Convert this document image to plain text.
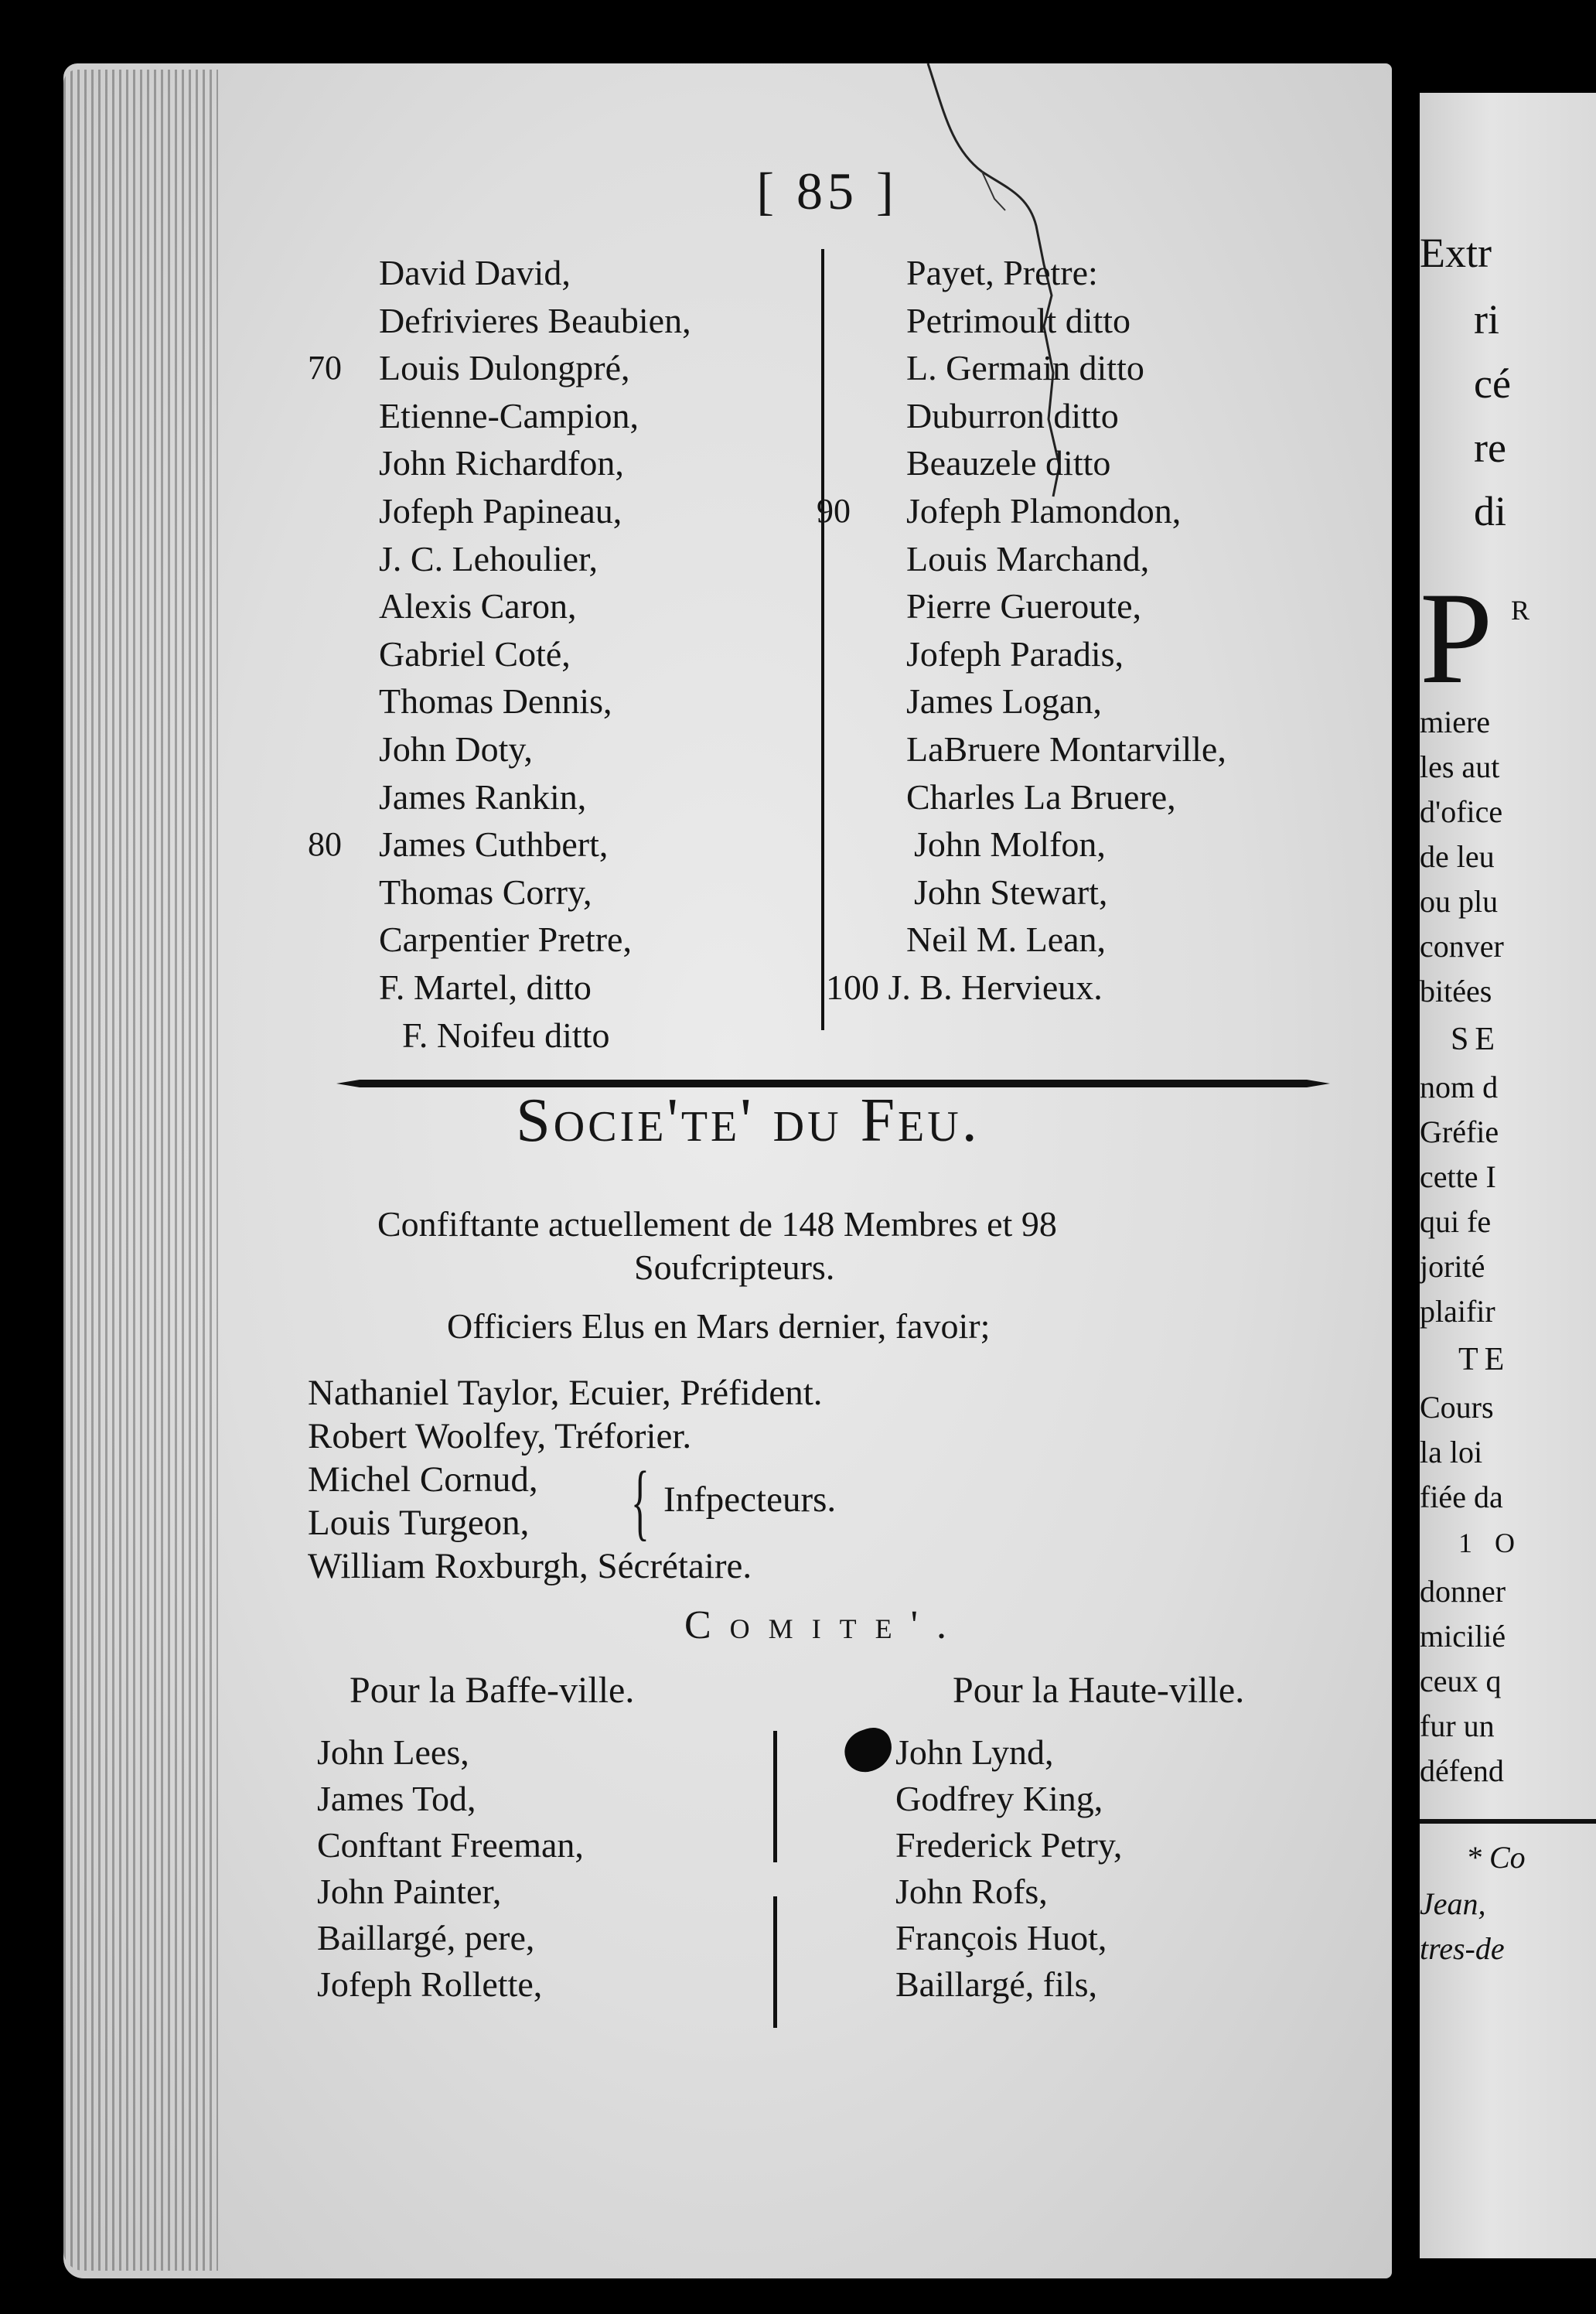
[ 85 ]
David David,
Defrivieres Beaubien,
70 Louis Dulongpré,
Etienne-Campion,
John Richardfon,
Jofeph Papineau,
J. C. Lehoulier,
Alexis Caron,
Gabriel Coté,
Thomas Dennis,
John Doty,
James Rankin,
80 James Cuthbert,
Thomas Corry,
Carpentier Pretre,
F. Martel, ditto
F. Noifeu ditto
Payet, Pretre:
Petrimoult ditto
L. Germain ditto
Duburron ditto
Beauzele ditto
90 Jofeph Plamondon,
Louis Marchand,
Pierre Gueroute,
Jofeph Paradis,
James Logan,
LaBruere Montarville,
Charles La Bruere,
John Molfon,
John Stewart,
Neil M. Lean,
100 J. B. Hervieux.
Socie'te' du Feu.
Confiftante actuellement de 148 Membres et 98
Soufcripteurs.
Officiers Elus en Mars dernier, favoir;
Nathaniel Taylor, Ecuier, Préfident.
Robert Woolfey, Tréforier.
Michel Cornud,
Louis Turgeon,	{ Infpecteurs.
William Roxburgh, Sécrétaire.
Comite'.
Pour la Baffe-ville.	Pour la Haute-ville.
John Lees,
James Tod,
Conftant Freeman,
John Painter,
Baillargé, pere,
Jofeph Rollette,
John Lynd,
Godfrey King,
Frederick Petry,
John Rofs,
François Huot,
Baillargé, fils,
Extr
ri
cé
re
di
P R
miere
les aut
d'ofice
de leu
ou plu
conver
bitées
SE
nom d
Gréfie
cette I
qui fe
jorité
plaifir
TE
Cours
la loi
fiée da
1 O
donner
micilié
ceux q
fur un
défend
* Co
Jean,
tres-de
